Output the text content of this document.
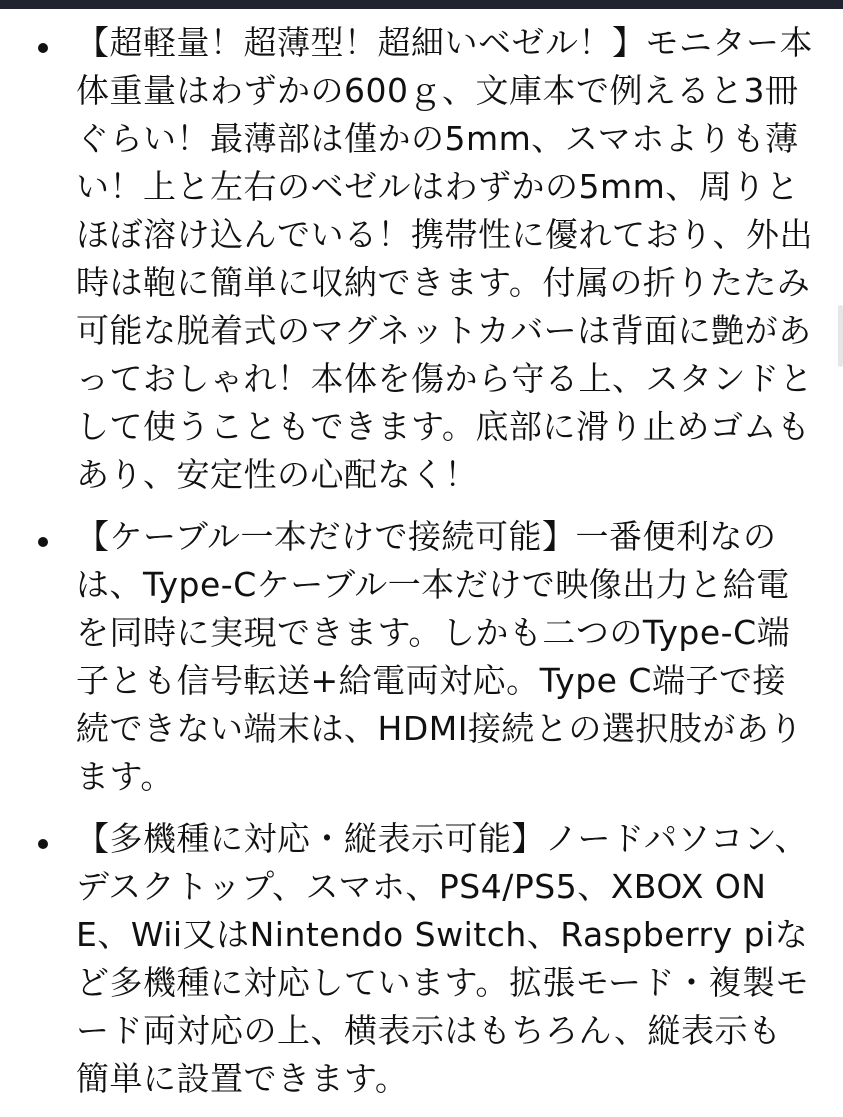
【超軽量！超薄型！超細いベゼル！】モニター本体重量はわずかの600ｇ、文庫本で例えると3冊ぐらい！最薄部は僅かの5mm、スマホよりも薄い！上と左右のベゼルはわずかの5mm、周りとほぼ溶け込んでいる！携帯性に優れており、外出時は鞄に簡単に収納できます。付属の折りたたみ可能な脱着式のマグネットカバーは背面に艶があっておしゃれ！本体を傷から守る上、スタンドとして使うこともできます。底部に滑り止めゴムもあり、安定性の心配なく！
【ケーブル一本だけで接続可能】一番便利なのは、Type-Cケーブル一本だけで映像出力と給電を同時に実現できます。しかも二つのType-C端子とも信号転送+給電両対応。Type C端子で接続できない端末は、HDMI接続との選択肢があります。
【多機種に対応・縦表示可能】ノードパソコン、デスクトップ、スマホ、PS4/PS5、XBOX ONE、Wii又はNintendo Switch、Raspberry piなど多機種に対応しています。拡張モード・複製モード両対応の上、横表示はもちろん、縦表示も簡単に設置できます。
